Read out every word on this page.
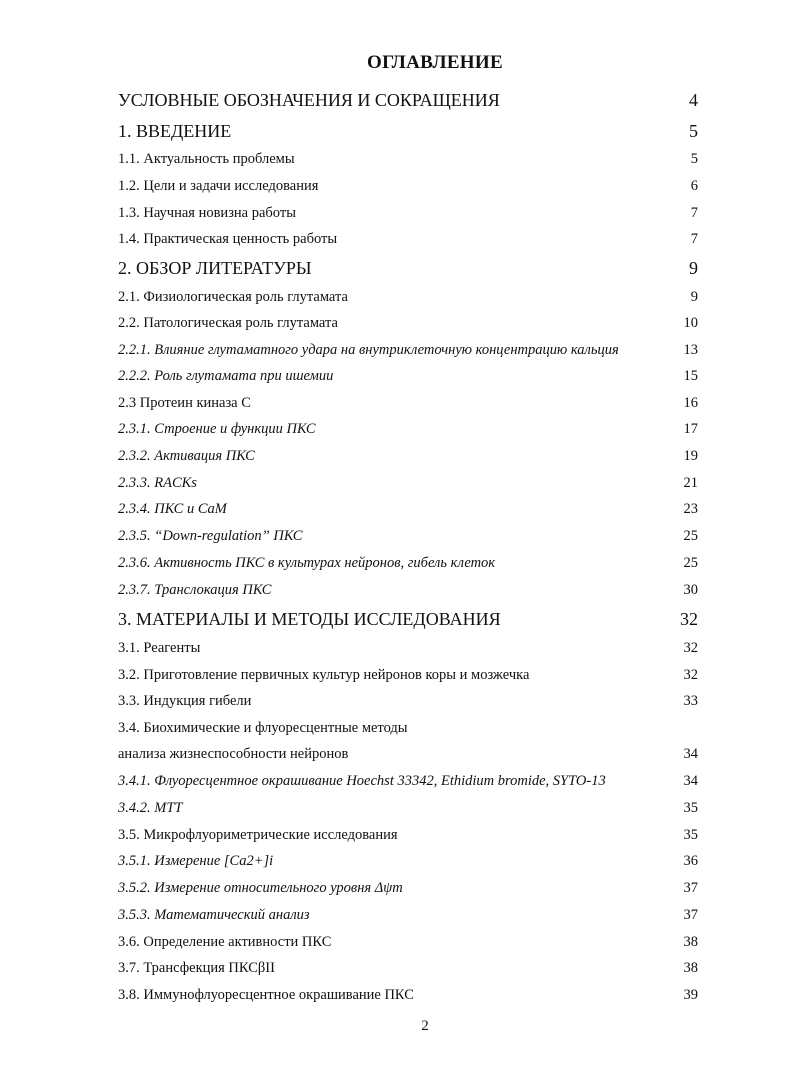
ОГЛАВЛЕНИЕ
УСЛОВНЫЕ ОБОЗНАЧЕНИЯ И СОКРАЩЕНИЯ	4
1. ВВЕДЕНИЕ	5
1.1. Актуальность проблемы	5
1.2. Цели и задачи исследования	6
1.3. Научная новизна работы	7
1.4. Практическая ценность работы	7
2. ОБЗОР ЛИТЕРАТУРЫ	9
2.1. Физиологическая роль глутамата	9
2.2. Патологическая роль глутамата	10
2.2.1. Влияние глутаматного удара на внутриклеточную концентрацию кальция	13
2.2.2. Роль глутамата при ишемии	15
2.3 Протеин киназа С	16
2.3.1. Строение и функции ПКС	17
2.3.2. Активация ПКС	19
2.3.3. RACKs	21
2.3.4. ПКС и CaM	23
2.3.5. “Down-regulation” ПКС	25
2.3.6. Активность ПКС в культурах нейронов, гибель клеток	25
2.3.7. Транслокация ПКС	30
3. МАТЕРИАЛЫ И МЕТОДЫ ИССЛЕДОВАНИЯ	32
3.1. Реагенты	32
3.2. Приготовление первичных культур нейронов коры и мозжечка	32
3.3. Индукция гибели	33
3.4. Биохимические и флуоресцентные методы
анализа жизнеспособности нейронов	34
3.4.1. Флуоресцентное окрашивание Hoechst 33342, Ethidium bromide, SYTO-13	34
3.4.2. MTT	35
3.5. Микрофлуориметрические исследования	35
3.5.1. Измерение [Ca2+]i	36
3.5.2. Измерение относительного уровня Δψm	37
3.5.3. Математический анализ	37
3.6. Определение активности ПКС	38
3.7. Трансфекция ПКСβII	38
3.8. Иммунофлуоресцентное окрашивание ПКС	39
2
